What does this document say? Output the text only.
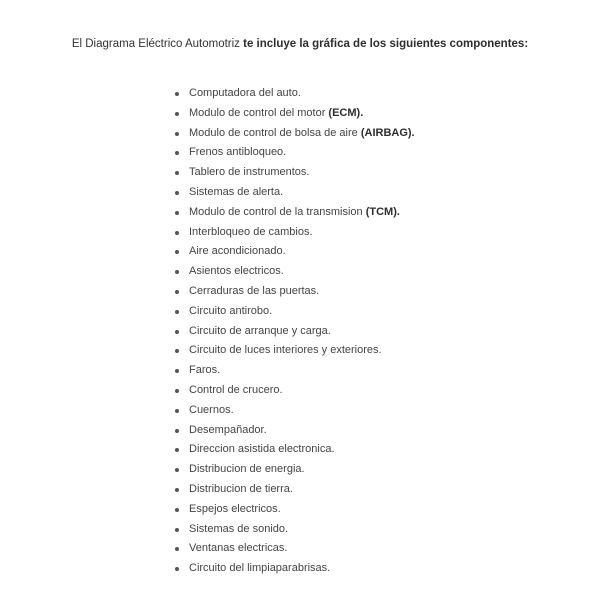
El Diagrama Eléctrico Automotriz te incluye la gráfica de los siguientes componentes:
Computadora del auto.
Modulo de control del motor (ECM).
Modulo de control de bolsa de aire (AIRBAG).
Frenos antibloqueo.
Tablero de instrumentos.
Sistemas de alerta.
Modulo de control de la transmision (TCM).
Interbloqueo de cambios.
Aire acondicionado.
Asientos electricos.
Cerraduras de las puertas.
Circuito antirobo.
Circuito de arranque y carga.
Circuito de luces interiores y exteriores.
Faros.
Control de crucero.
Cuernos.
Desempañador.
Direccion asistida electronica.
Distribucion de energia.
Distribucion de tierra.
Espejos electricos.
Sistemas de sonido.
Ventanas electricas.
Circuito del limpiaparabrisas.
